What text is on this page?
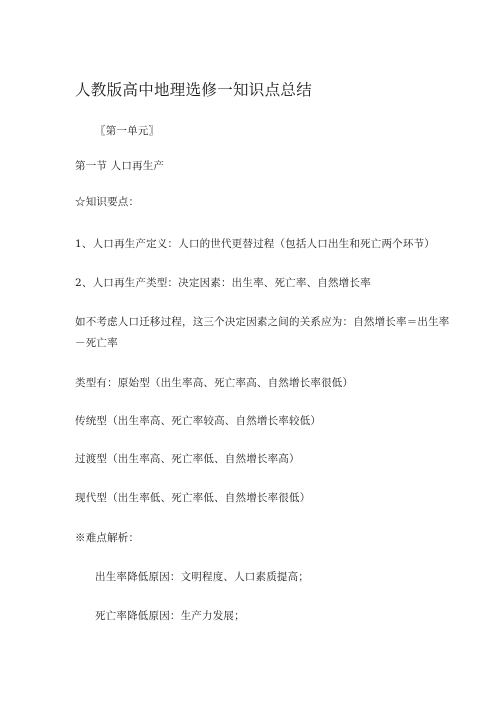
人教版高中地理选修一知识点总结
〖第一单元〗
第一节 人口再生产
☆知识要点：
1、人口再生产定义：人口的世代更替过程（包括人口出生和死亡两个环节）
2、人口再生产类型：决定因素：出生率、死亡率、自然增长率
如不考虑人口迁移过程，这三个决定因素之间的关系应为：自然增长率＝出生率
－死亡率
类型有：原始型（出生率高、死亡率高、自然增长率很低）
传统型（出生率高、死亡率较高、自然增长率较低）
过渡型（出生率高、死亡率低、自然增长率高）
现代型（出生率低、死亡率低、自然增长率很低）
※难点解析：
出生率降低原因：文明程度、人口素质提高；
死亡率降低原因：生产力发展；
